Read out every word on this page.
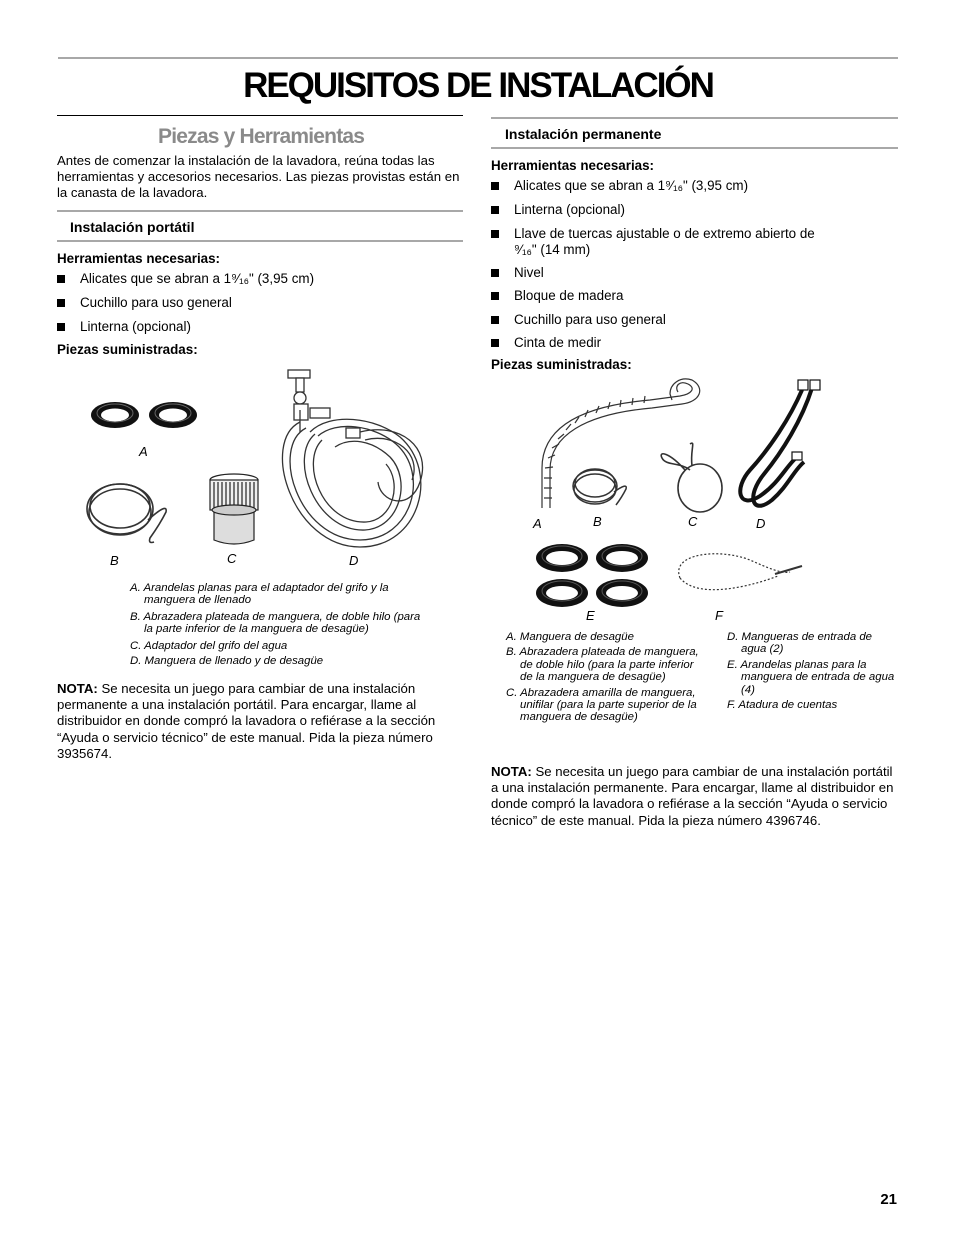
REQUISITOS DE INSTALACIÓN
Piezas y Herramientas
Antes de comenzar la instalación de la lavadora, reúna todas las herramientas y accesorios necesarios. Las piezas provistas están en la canasta de la lavadora.
Instalación portátil
Herramientas necesarias:
Alicates que se abran a 1⁹⁄₁₆" (3,95 cm)
Cuchillo para uso general
Linterna (opcional)
Piezas suministradas:
A
B	C	D
A. Arandelas planas para el adaptador del grifo y la manguera de llenado
B. Abrazadera plateada de manguera, de doble hilo (para la parte inferior de la manguera de desagüe)
C. Adaptador del grifo del agua
D. Manguera de llenado y de desagüe
NOTA: Se necesita un juego para cambiar de una instalación permanente a una instalación portátil. Para encargar, llame al distribuidor en donde compró la lavadora o refiérase a la sección “Ayuda o servicio técnico” de este manual. Pida la pieza número 3935674.
Instalación permanente
Herramientas necesarias:
Alicates que se abran a 1⁹⁄₁₆" (3,95 cm)
Linterna (opcional)
Llave de tuercas ajustable o de extremo abierto de ⁹⁄₁₆" (14 mm)
Nivel
Bloque de madera
Cuchillo para uso general
Cinta de medir
Piezas suministradas:
A	B	C	D
E	F
A. Manguera de desagüe
B. Abrazadera plateada de manguera, de doble hilo (para la parte inferior de la manguera de desagüe)
C. Abrazadera amarilla de manguera, unifilar (para la parte superior de la manguera de desagüe)
D. Mangueras de entrada de agua (2)
E. Arandelas planas para la manguera de entrada de agua (4)
F. Atadura de cuentas
NOTA: Se necesita un juego para cambiar de una instalación portátil a una instalación permanente. Para encargar, llame al distribuidor en donde compró la lavadora o refiérase a la sección “Ayuda o servicio técnico” de este manual. Pida la pieza número 4396746.
21
